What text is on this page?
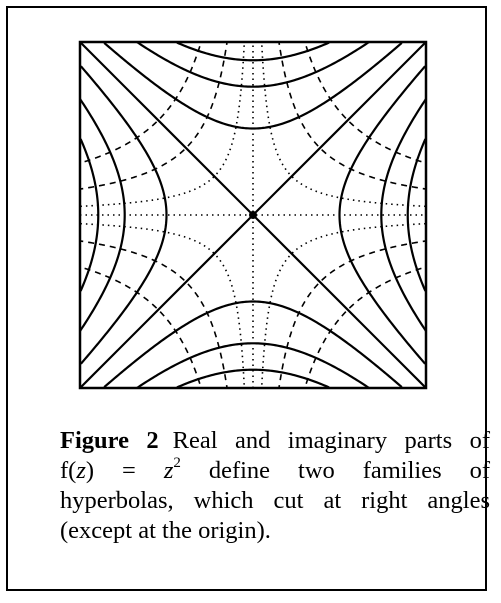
Figure 2 Real and imaginary parts of
$f(z) = z^2$ define two families of
hyperbolas, which cut at right angles
(except at the origin).
